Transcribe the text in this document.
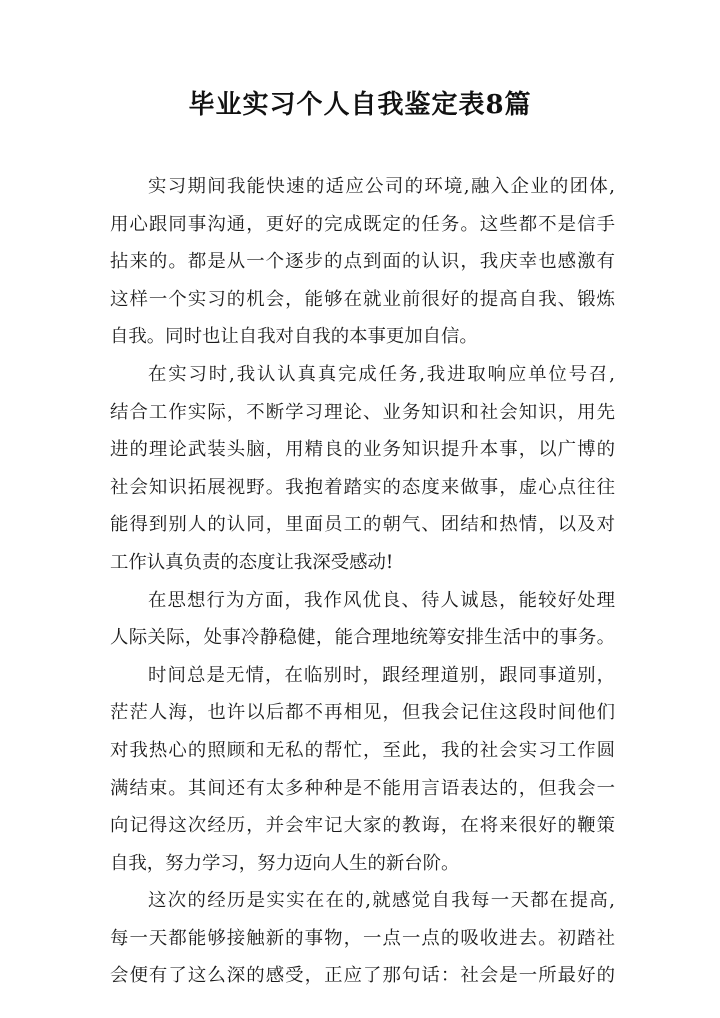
毕业实习个人自我鉴定表8篇
实习期间我能快速的适应公司的环境,融入企业的团体,
用心跟同事沟通，更好的完成既定的任务。这些都不是信手
拈来的。都是从一个逐步的点到面的认识，我庆幸也感激有
这样一个实习的机会，能够在就业前很好的提高自我、锻炼
自我。同时也让自我对自我的本事更加自信。
在实习时,我认认真真完成任务,我进取响应单位号召,
结合工作实际，不断学习理论、业务知识和社会知识，用先
进的理论武装头脑，用精良的业务知识提升本事，以广博的
社会知识拓展视野。我抱着踏实的态度来做事，虚心点往往
能得到别人的认同，里面员工的朝气、团结和热情，以及对
工作认真负责的态度让我深受感动!
在思想行为方面，我作风优良、待人诚恳，能较好处理
人际关际，处事冷静稳健，能合理地统筹安排生活中的事务。
时间总是无情，在临别时，跟经理道别，跟同事道别，
茫茫人海，也许以后都不再相见，但我会记住这段时间他们
对我热心的照顾和无私的帮忙，至此，我的社会实习工作圆
满结束。其间还有太多种种是不能用言语表达的，但我会一
向记得这次经历，并会牢记大家的教诲，在将来很好的鞭策
自我，努力学习，努力迈向人生的新台阶。
这次的经历是实实在在的,就感觉自我每一天都在提高,
每一天都能够接触新的事物，一点一点的吸收进去。初踏社
会便有了这么深的感受，正应了那句话：社会是一所最好的
